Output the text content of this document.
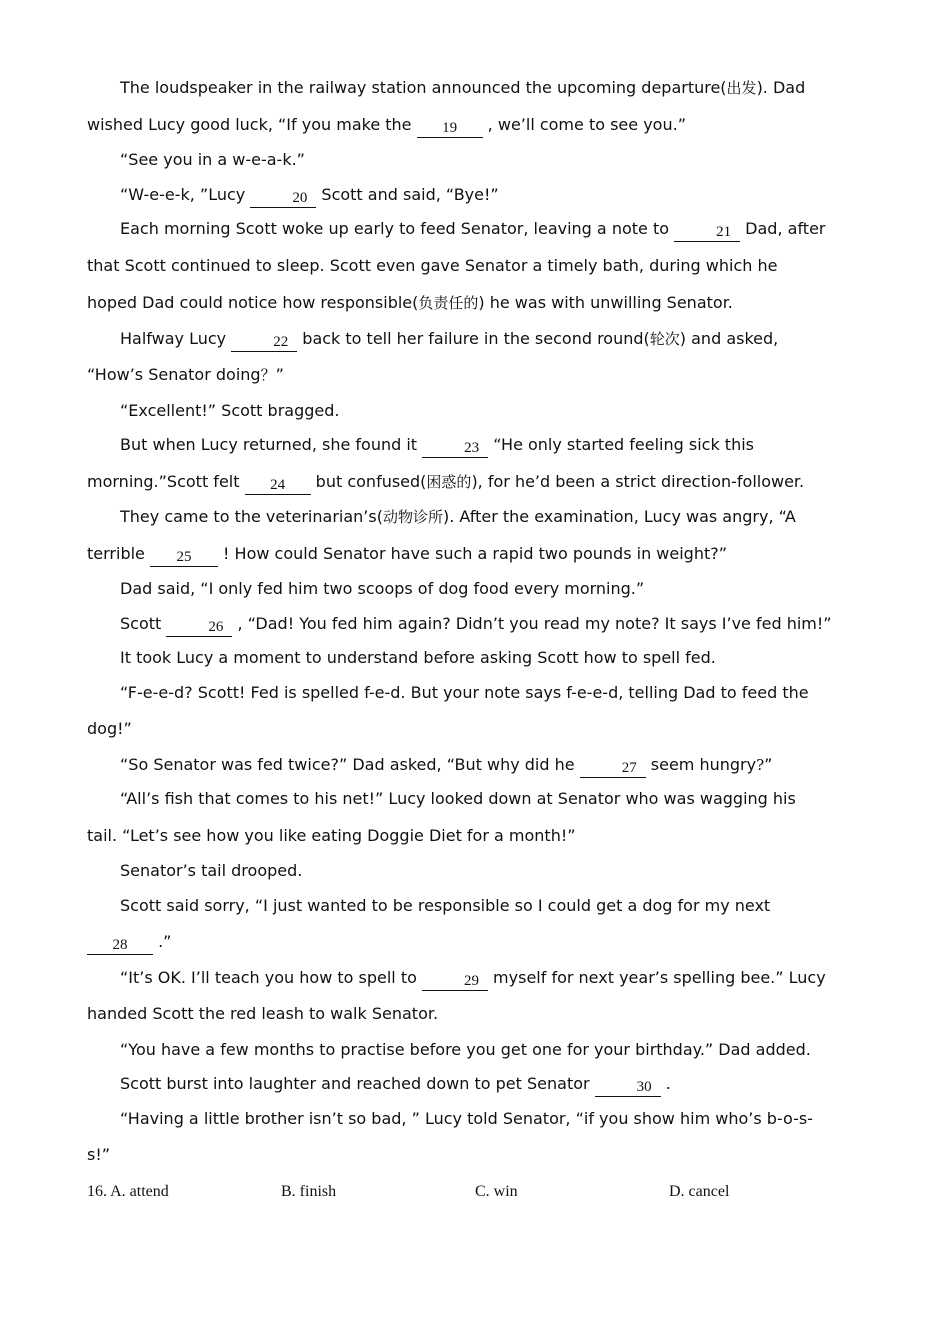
The loudspeaker in the railway station announced the upcoming departure(出发). Dad
wished Lucy good luck, “If you make the 19 , we’ll come to see you.”
“See you in a w-e-a-k.”
“W-e-e-k, ”Lucy	20 Scott and said, “Bye!”
Each morning Scott woke up early to feed Senator, leaving a note to	21 Dad, after
that Scott continued to sleep. Scott even gave Senator a timely bath, during which he
hoped Dad could notice how responsible(负责任的) he was with unwilling Senator.
Halfway Lucy	22 back to tell her failure in the second round(轮次) and asked,
“How’s Senator doing？”
“Excellent!” Scott bragged.
But when Lucy returned, she found it	23 “He only started feeling sick this
morning.”Scott felt 24 but confused(困惑的), for he’d been a strict direction-follower.
They came to the veterinarian’s(动物诊所). After the examination, Lucy was angry, “A
terrible 25 ! How could Senator have such a rapid two pounds in weight?”
Dad said, “I only fed him two scoops of dog food every morning.”
Scott	26 , “Dad! You fed him again? Didn’t you read my note? It says I’ve fed him!”
It took Lucy a moment to understand before asking Scott how to spell fed.
“F-e-e-d? Scott! Fed is spelled f-e-d. But your note says f-e-e-d, telling Dad to feed the
dog!”
“So Senator was fed twice?” Dad asked, “But why did he	27 seem hungry?”
“All’s fish that comes to his net!” Lucy looked down at Senator who was wagging his
tail. “Let’s see how you like eating Doggie Diet for a month!”
Senator’s tail drooped.
Scott said sorry, “I just wanted to be responsible so I could get a dog for my next
28 .”
“It’s OK. I’ll teach you how to spell to	29 myself for next year’s spelling bee.” Lucy
handed Scott the red leash to walk Senator.
“You have a few months to practise before you get one for your birthday.” Dad added.
Scott burst into laughter and reached down to pet Senator	30 .
“Having a little brother isn’t so bad, ” Lucy told Senator, “if you show him who’s b-o-s-
s!”
16. A. attend	B. finish	C. win	D. cancel
